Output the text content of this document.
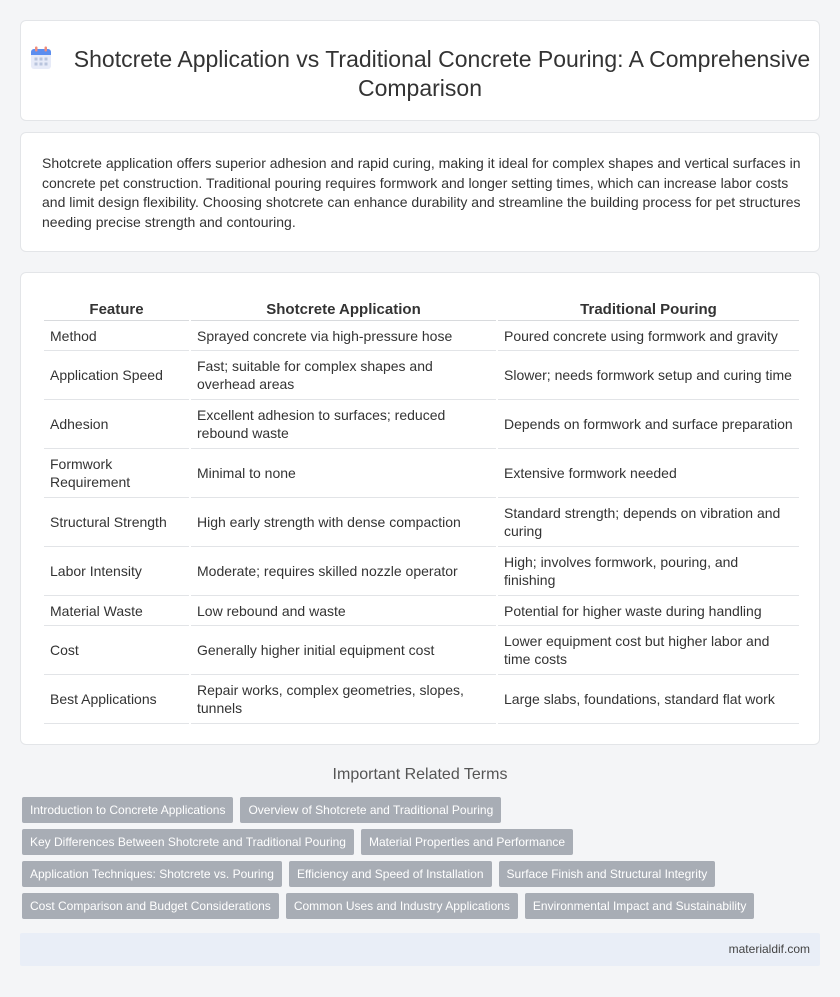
Shotcrete Application vs Traditional Concrete Pouring: A Comprehensive Comparison

Shotcrete application offers superior adhesion and rapid curing, making it ideal for complex shapes and vertical surfaces in concrete pet construction. Traditional pouring requires formwork and longer setting times, which can increase labor costs and limit design flexibility. Choosing shotcrete can enhance durability and streamline the building process for pet structures needing precise strength and contouring.

Feature	Shotcrete Application	Traditional Pouring
Method	Sprayed concrete via high-pressure hose	Poured concrete using formwork and gravity
Application Speed	Fast; suitable for complex shapes and overhead areas	Slower; needs formwork setup and curing time
Adhesion	Excellent adhesion to surfaces; reduced rebound waste	Depends on formwork and surface preparation
Formwork Requirement	Minimal to none	Extensive formwork needed
Structural Strength	High early strength with dense compaction	Standard strength; depends on vibration and curing
Labor Intensity	Moderate; requires skilled nozzle operator	High; involves formwork, pouring, and finishing
Material Waste	Low rebound and waste	Potential for higher waste during handling
Cost	Generally higher initial equipment cost	Lower equipment cost but higher labor and time costs
Best Applications	Repair works, complex geometries, slopes, tunnels	Large slabs, foundations, standard flat work
Important Related Terms
Introduction to Concrete Applications	Overview of Shotcrete and Traditional Pouring
Key Differences Between Shotcrete and Traditional Pouring	Material Properties and Performance
Application Techniques: Shotcrete vs. Pouring	Efficiency and Speed of Installation	Surface Finish and Structural Integrity
Cost Comparison and Budget Considerations	Common Uses and Industry Applications	Environmental Impact and Sustainability
materialdif.com
